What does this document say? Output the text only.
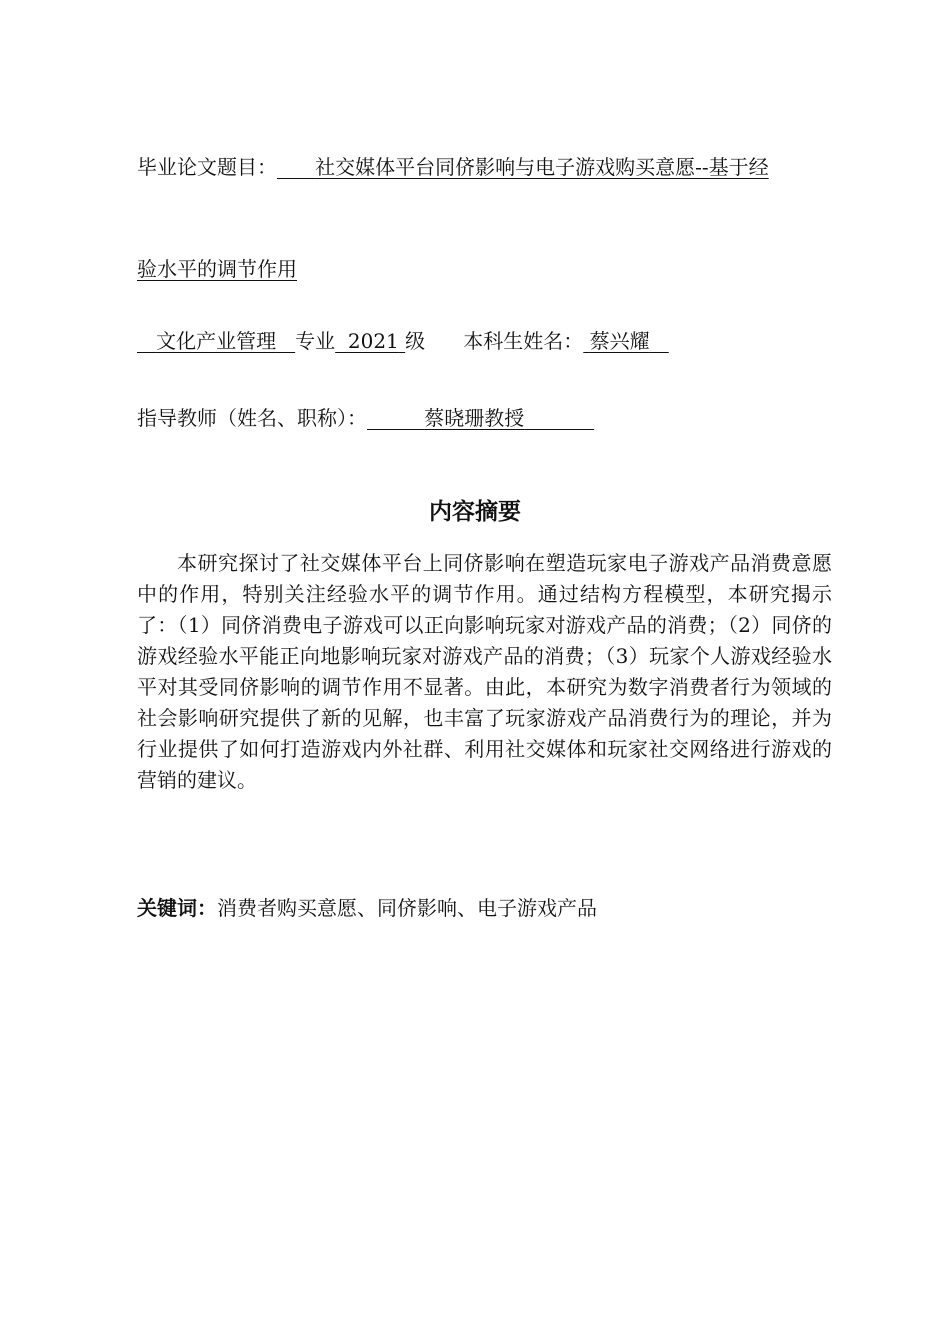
毕业论文题目： 社交媒体平台同侪影响与电子游戏购买意愿--基于经
验水平的调节作用
文化产业管理 专业 2021 级 本科生姓名： 蔡兴耀
指导教师（姓名、职称）：	蔡晓珊教授
内容摘要
本研究探讨了社交媒体平台上同侪影响在塑造玩家电子游戏产品消费意愿中的作用，特别关注经验水平的调节作用。通过结构方程模型，本研究揭示了：（1）同侪消费电子游戏可以正向影响玩家对游戏产品的消费；（2）同侪的游戏经验水平能正向地影响玩家对游戏产品的消费；（3）玩家个人游戏经验水平对其受同侪影响的调节作用不显著。由此，本研究为数字消费者行为领域的社会影响研究提供了新的见解，也丰富了玩家游戏产品消费行为的理论，并为行业提供了如何打造游戏内外社群、利用社交媒体和玩家社交网络进行游戏的营销的建议。
关键词：消费者购买意愿、同侪影响、电子游戏产品
